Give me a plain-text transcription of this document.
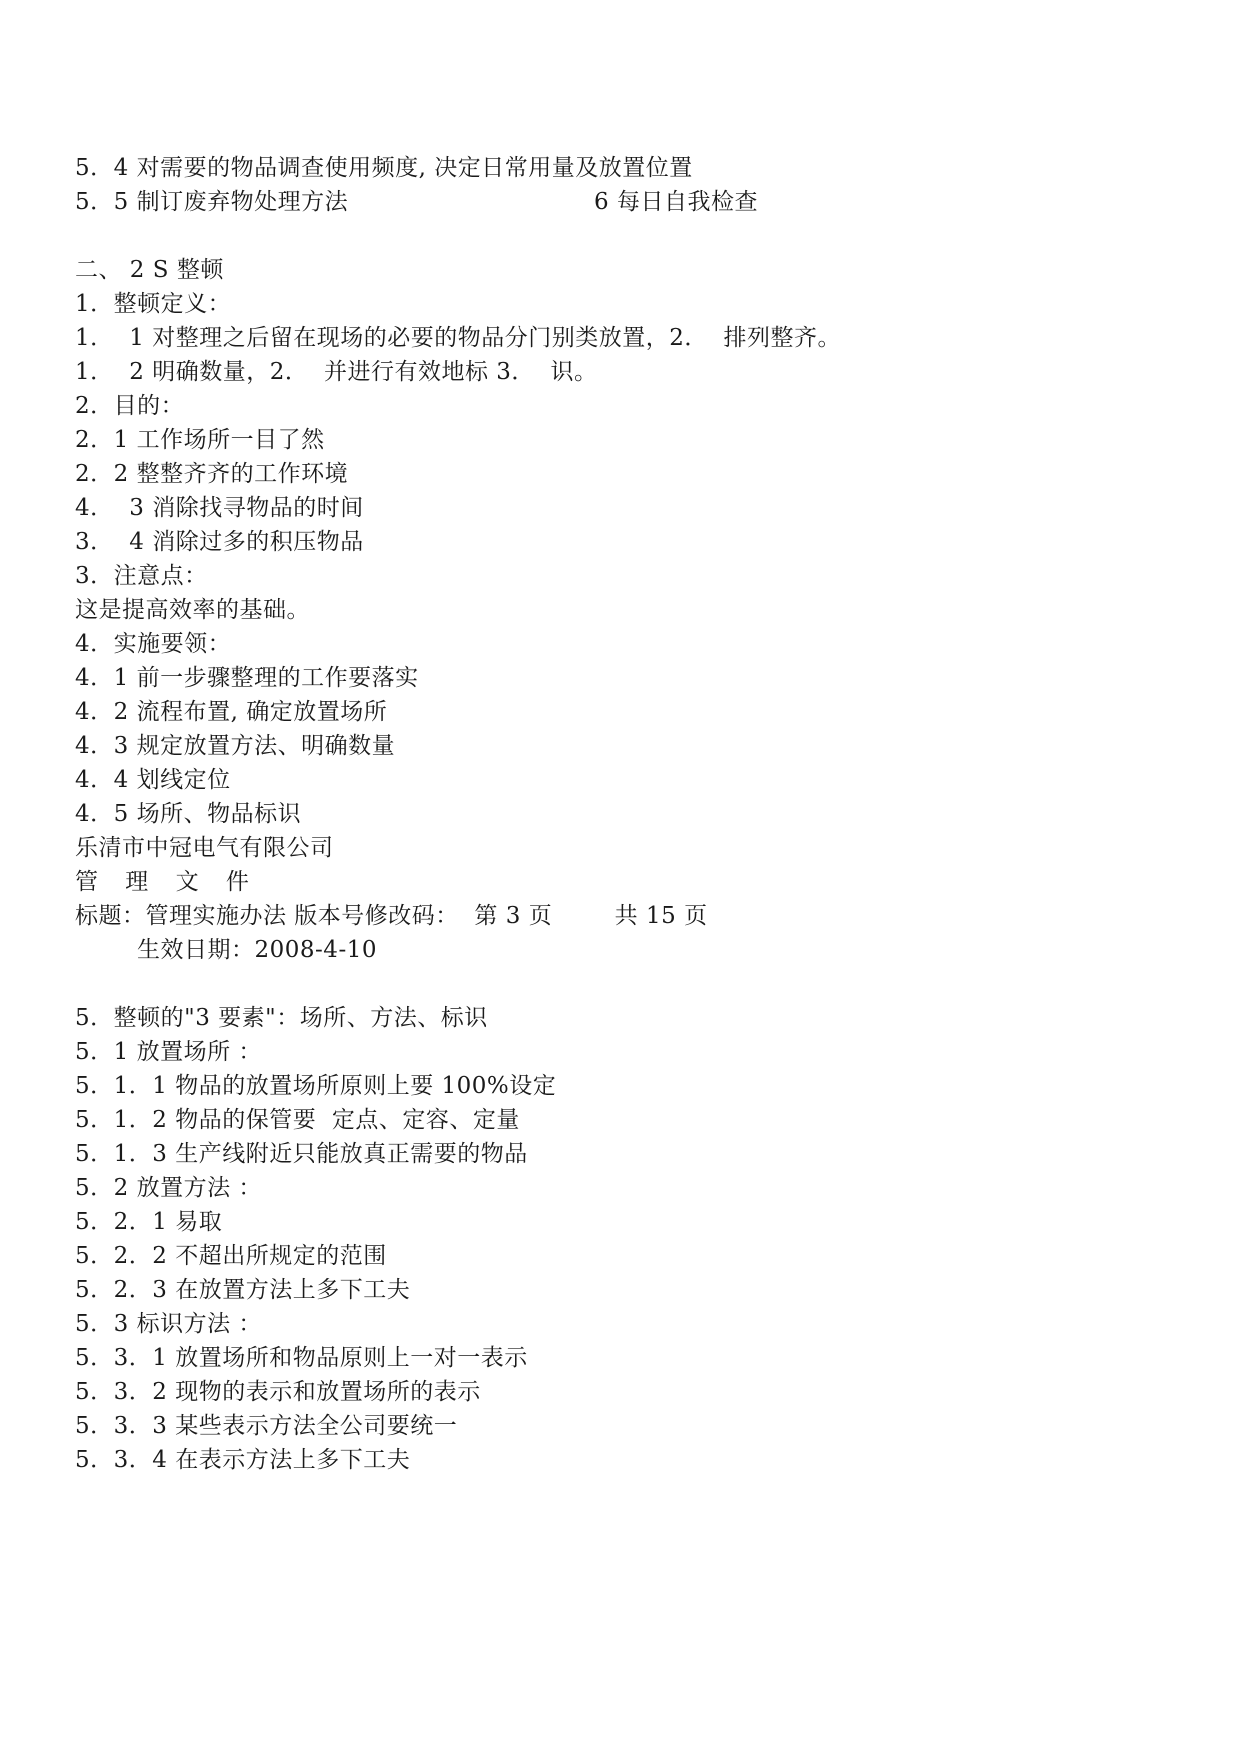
5．4 对需要的物品调查使用频度, 决定日常用量及放置位置
5．5 制订废弃物处理方法	6 每日自我检查
二、 2 S 整顿
1．整顿定义：
1．  1 对整理之后留在现场的必要的物品分门别类放置，2．  排列整齐。
1．  2 明确数量，2．  并进行有效地标 3．  识。
2．目的：
2．1 工作场所一目了然
2．2 整整齐齐的工作环境
4．  3 消除找寻物品的时间
3．  4 消除过多的积压物品
3．注意点：
这是提高效率的基础。
4．实施要领：
4．1 前一步骤整理的工作要落实
4．2 流程布置, 确定放置场所
4．3 规定放置方法、明确数量
4．4 划线定位
4．5 场所、物品标识
乐清市中冠电气有限公司
管 理 文 件
标题：管理实施办法 版本号修改码：  第 3 页        共 15 页
生效日期：2008-4-10
5．整顿的"3 要素"：场所、方法、标识
5．1 放置场所 ：
5．1．1 物品的放置场所原则上要 100%设定
5．1．2 物品的保管要  定点、定容、定量
5．1．3 生产线附近只能放真正需要的物品
5．2 放置方法 ：
5．2．1 易取
5．2．2 不超出所规定的范围
5．2．3 在放置方法上多下工夫
5．3 标识方法 ：
5．3．1 放置场所和物品原则上一对一表示
5．3．2 现物的表示和放置场所的表示
5．3．3 某些表示方法全公司要统一
5．3．4 在表示方法上多下工夫
